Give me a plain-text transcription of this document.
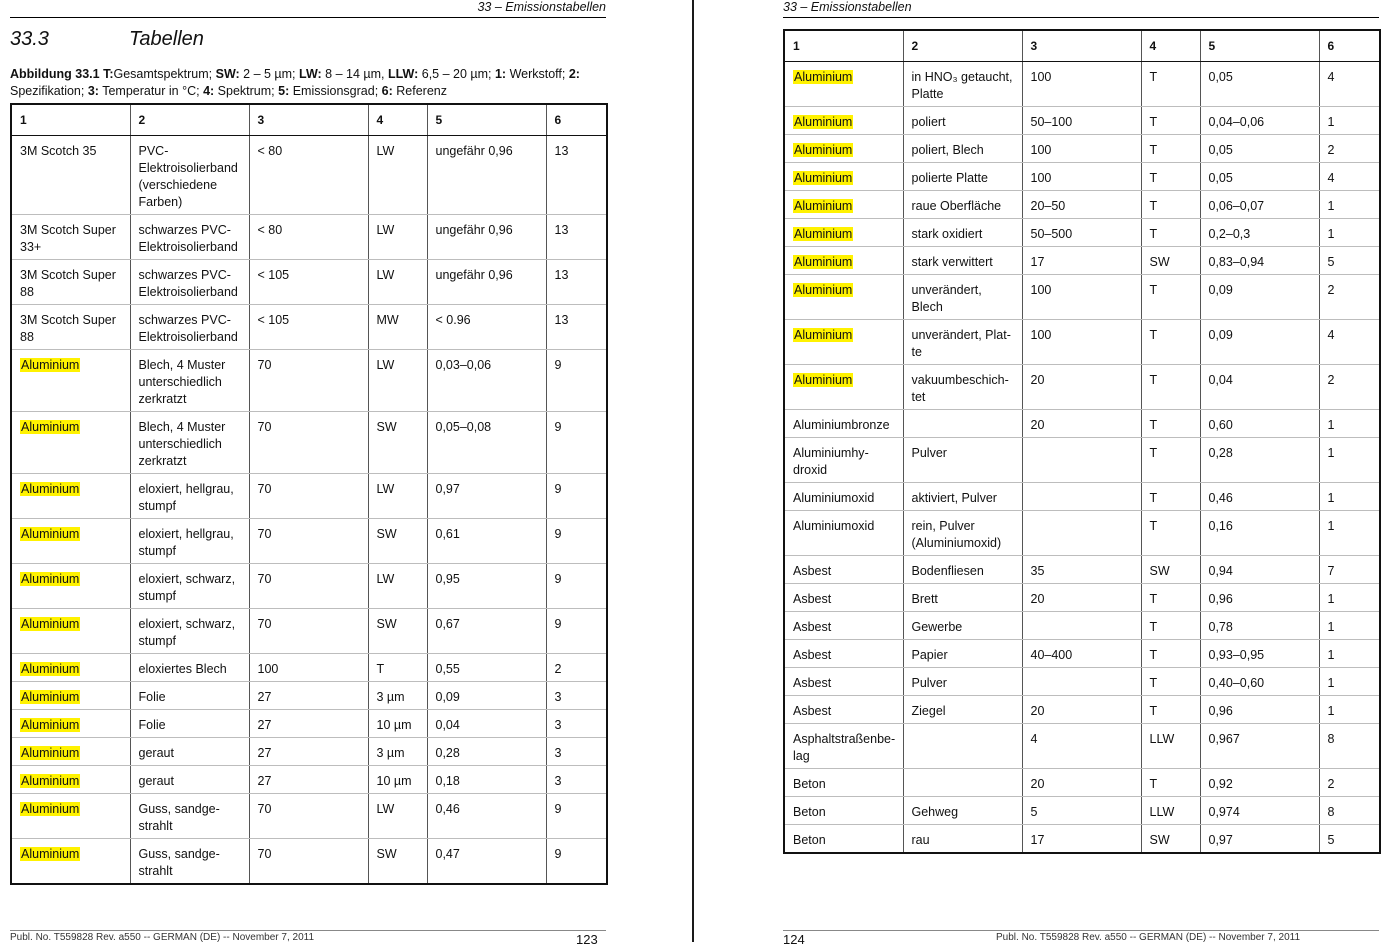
33 – Emissionstabellen
33.3	Tabellen
Abbildung 33.1 T:Gesamtspektrum; SW: 2 – 5 µm; LW: 8 – 14 µm, LLW: 6,5 – 20 µm; 1: Werkstoff; 2: Spezifikation; 3: Temperatur in °C; 4: Spektrum; 5: Emissionsgrad; 6: Referenz
1	2	3	4	5	6
3M Scotch 35	PVC-Elektroisolierband (verschiedene Farben)	< 80	LW	ungefähr 0,96	13
3M Scotch Super 33+	schwarzes PVC-Elektroisolierband	< 80	LW	ungefähr 0,96	13
3M Scotch Super 88	schwarzes PVC-Elektroisolierband	< 105	LW	ungefähr 0,96	13
3M Scotch Super 88	schwarzes PVC-Elektroisolierband	< 105	MW	< 0.96	13
Aluminium	Blech, 4 Muster unterschiedlich zerkratzt	70	LW	0,03–0,06	9
Aluminium	Blech, 4 Muster unterschiedlich zerkratzt	70	SW	0,05–0,08	9
Aluminium	eloxiert, hellgrau, stumpf	70	LW	0,97	9
Aluminium	eloxiert, hellgrau, stumpf	70	SW	0,61	9
Aluminium	eloxiert, schwarz, stumpf	70	LW	0,95	9
Aluminium	eloxiert, schwarz, stumpf	70	SW	0,67	9
Aluminium	eloxiertes Blech	100	T	0,55	2
Aluminium	Folie	27	3 µm	0,09	3
Aluminium	Folie	27	10 µm	0,04	3
Aluminium	geraut	27	3 µm	0,28	3
Aluminium	geraut	27	10 µm	0,18	3
Aluminium	Guss, sandgestrahlt	70	LW	0,46	9
Aluminium	Guss, sandgestrahlt	70	SW	0,47	9
Publ. No. T559828 Rev. a550 -- GERMAN (DE) -- November 7, 2011	123
33 – Emissionstabellen
1	2	3	4	5	6
Aluminium	in HNO₃ getaucht, Platte	100	T	0,05	4
Aluminium	poliert	50–100	T	0,04–0,06	1
Aluminium	poliert, Blech	100	T	0,05	2
Aluminium	polierte Platte	100	T	0,05	4
Aluminium	raue Oberfläche	20–50	T	0,06–0,07	1
Aluminium	stark oxidiert	50–500	T	0,2–0,3	1
Aluminium	stark verwittert	17	SW	0,83–0,94	5
Aluminium	unverändert, Blech	100	T	0,09	2
Aluminium	unverändert, Platte	100	T	0,09	4
Aluminium	vakuumbeschichtet	20	T	0,04	2
Aluminiumbronze		20	T	0,60	1
Aluminiumhydroxid	Pulver		T	0,28	1
Aluminiumoxid	aktiviert, Pulver		T	0,46	1
Aluminiumoxid	rein, Pulver (Aluminiumoxid)		T	0,16	1
Asbest	Bodenfliesen	35	SW	0,94	7
Asbest	Brett	20	T	0,96	1
Asbest	Gewerbe		T	0,78	1
Asbest	Papier	40–400	T	0,93–0,95	1
Asbest	Pulver		T	0,40–0,60	1
Asbest	Ziegel	20	T	0,96	1
Asphaltstraßenbelag		4	LLW	0,967	8
Beton		20	T	0,92	2
Beton	Gehweg	5	LLW	0,974	8
Beton	rau	17	SW	0,97	5
124	Publ. No. T559828 Rev. a550 -- GERMAN (DE) -- November 7, 2011
